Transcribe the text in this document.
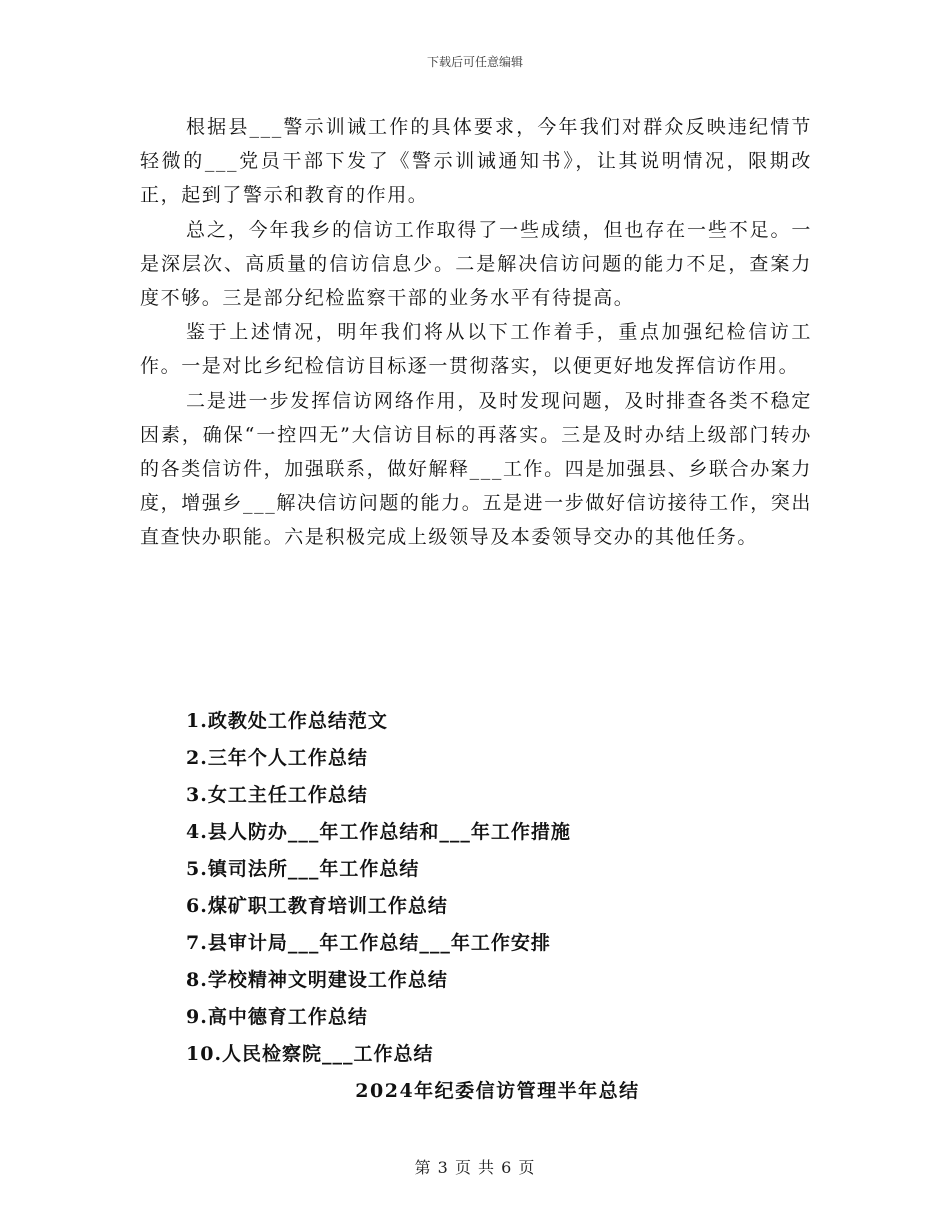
下载后可任意编辑

根据县___警示训诫工作的具体要求，今年我们对群众反映违纪情节轻微的___党员干部下发了《警示训诫通知书》，让其说明情况，限期改正，起到了警示和教育的作用。

总之，今年我乡的信访工作取得了一些成绩，但也存在一些不足。一是深层次、高质量的信访信息少。二是解决信访问题的能力不足，查案力度不够。三是部分纪检监察干部的业务水平有待提高。

鉴于上述情况，明年我们将从以下工作着手，重点加强纪检信访工作。一是对比乡纪检信访目标逐一贯彻落实，以便更好地发挥信访作用。

二是进一步发挥信访网络作用，及时发现问题，及时排查各类不稳定因素，确保“一控四无”大信访目标的再落实。三是及时办结上级部门转办的各类信访件，加强联系，做好解释___工作。四是加强县、乡联合办案力度，增强乡___解决信访问题的能力。五是进一步做好信访接待工作，突出直查快办职能。六是积极完成上级领导及本委领导交办的其他任务。

1.政教处工作总结范文
2.三年个人工作总结
3.女工主任工作总结
4.县人防办___年工作总结和___年工作措施
5.镇司法所___年工作总结
6.煤矿职工教育培训工作总结
7.县审计局___年工作总结___年工作安排
8.学校精神文明建设工作总结
9.高中德育工作总结
10.人民检察院___工作总结
2024年纪委信访管理半年总结
第 3 页 共 6 页
